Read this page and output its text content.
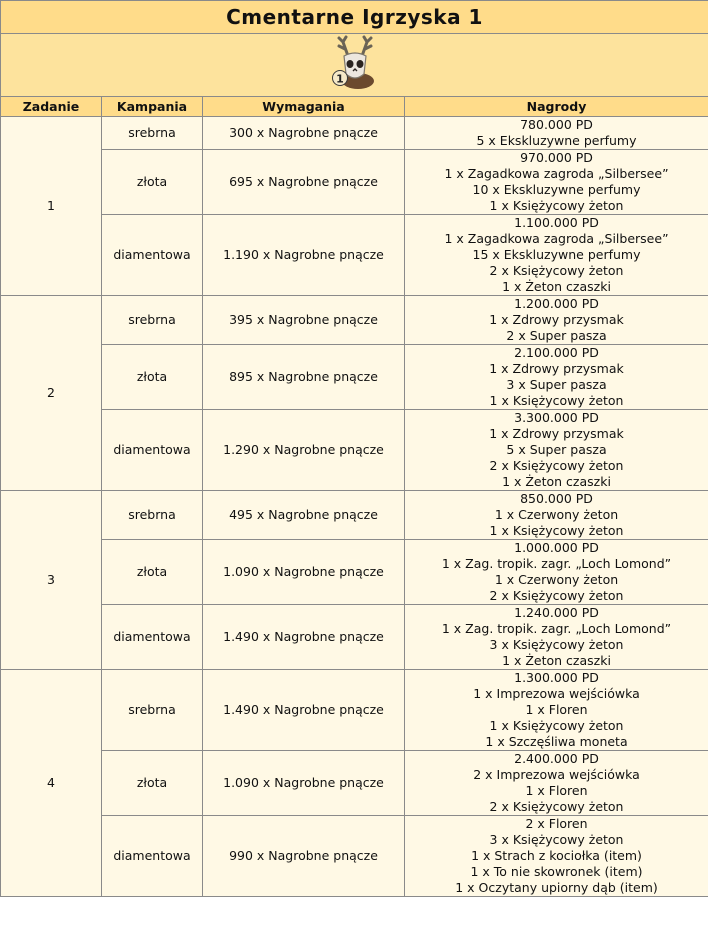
Cmentarne Igrzyska 1			

1			

Zadanie	Kampania	Wymagania	Nagrody
1	srebrna	300 x Nagrobne pnącze	780.000 PD
5 x Ekskluzywne perfumy

	złota	695 x Nagrobne pnącze	970.000 PD
1 x Zagadkowa zagroda „Silbersee”
10 x Ekskluzywne perfumy
1 x Księżycowy żeton

	diamentowa	1.190 x Nagrobne pnącze	1.100.000 PD
1 x Zagadkowa zagroda „Silbersee”
15 x Ekskluzywne perfumy
2 x Księżycowy żeton
1 x Żeton czaszki

2	srebrna	395 x Nagrobne pnącze	1.200.000 PD
1 x Zdrowy przysmak
2 x Super pasza

	złota	895 x Nagrobne pnącze	2.100.000 PD
1 x Zdrowy przysmak
3 x Super pasza
1 x Księżycowy żeton

	diamentowa	1.290 x Nagrobne pnącze	3.300.000 PD
1 x Zdrowy przysmak
5 x Super pasza
2 x Księżycowy żeton
1 x Żeton czaszki

3	srebrna	495 x Nagrobne pnącze	850.000 PD
1 x Czerwony żeton
1 x Księżycowy żeton

	złota	1.090 x Nagrobne pnącze	1.000.000 PD
1 x Zag. tropik. zagr. „Loch Lomond”
1 x Czerwony żeton
2 x Księżycowy żeton

	diamentowa	1.490 x Nagrobne pnącze	1.240.000 PD
1 x Zag. tropik. zagr. „Loch Lomond”
3 x Księżycowy żeton
1 x Żeton czaszki

4	srebrna	1.490 x Nagrobne pnącze	1.300.000 PD
1 x Imprezowa wejściówka
1 x Floren
1 x Księżycowy żeton
1 x Szczęśliwa moneta

	złota	1.090 x Nagrobne pnącze	2.400.000 PD
2 x Imprezowa wejściówka
1 x Floren
2 x Księżycowy żeton

	diamentowa	990 x Nagrobne pnącze	2 x Floren
3 x Księżycowy żeton
1 x Strach z kociołka (item)
1 x To nie skowronek (item)
1 x Oczytany upiorny dąb (item)
